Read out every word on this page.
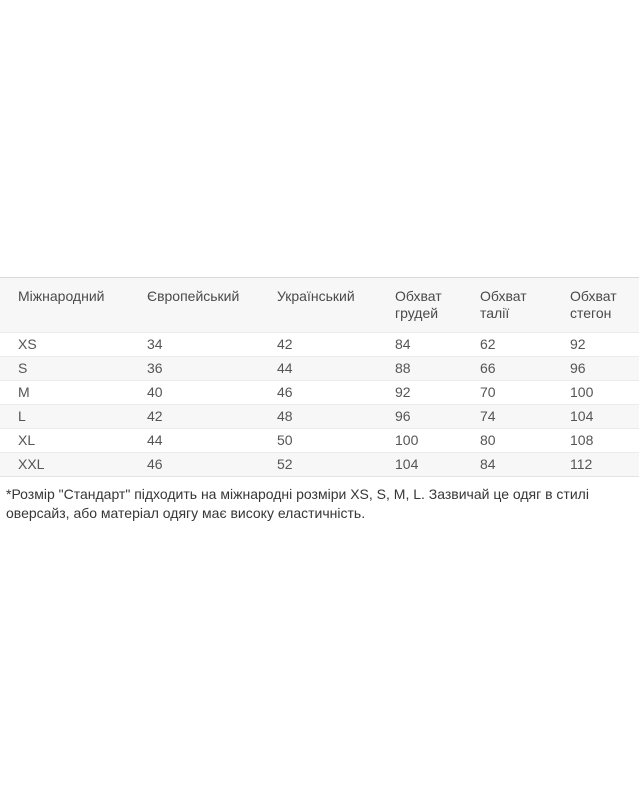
Міжнародний	Європейський	Український	Обхват грудей	Обхват талії	Обхват стегон
XS	34	42	84	62	92
S	36	44	88	66	96
M	40	46	92	70	100
L	42	48	96	74	104
XL	44	50	100	80	108
XXL	46	52	104	84	112
*Розмір "Стандарт" підходить на міжнародні розміри XS, S, M, L. Зазвичай це одяг в стилі оверсайз, або матеріал одягу має високу еластичність.
